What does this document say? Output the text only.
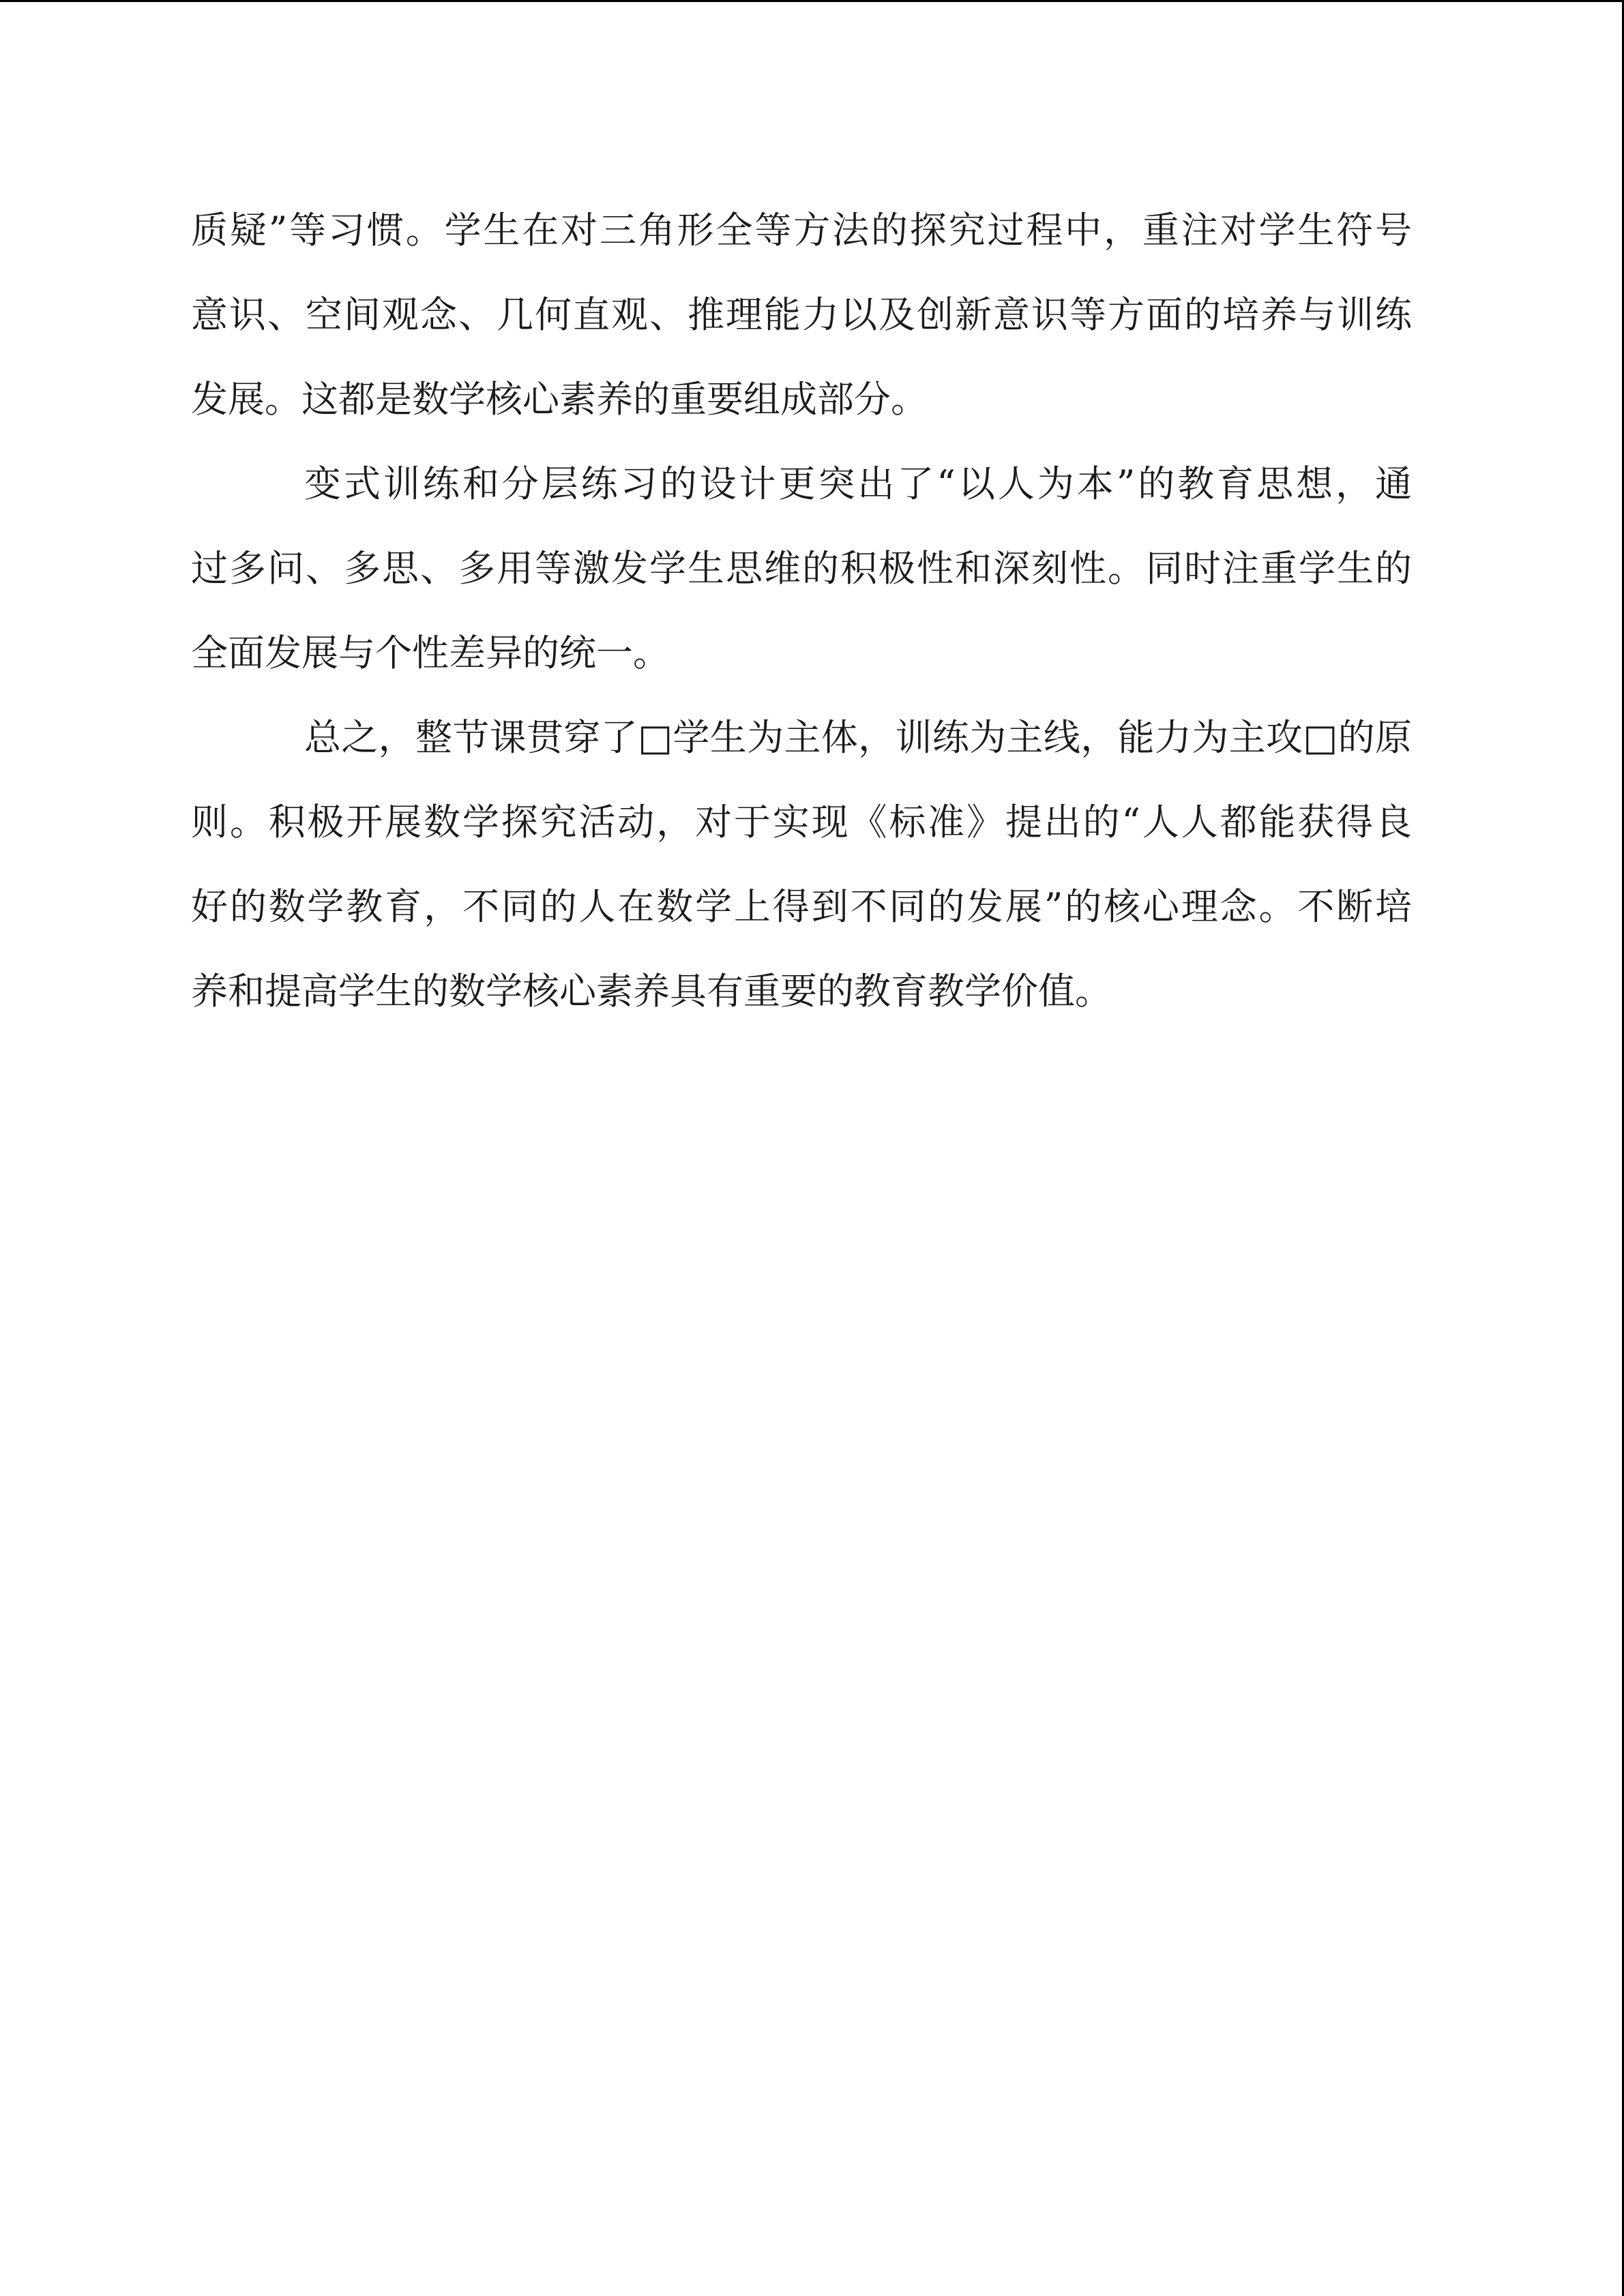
质疑”等习惯。学生在对三角形全等方法的探究过程中，重注对学生符号
意识、空间观念、几何直观、推理能力以及创新意识等方面的培养与训练
发展。这都是数学核心素养的重要组成部分。
变式训练和分层练习的设计更突出了“以人为本”的教育思想，通
过多问、多思、多用等激发学生思维的积极性和深刻性。同时注重学生的
全面发展与个性差异的统一。
总之，整节课贯穿了□学生为主体，训练为主线，能力为主攻□的原
则。积极开展数学探究活动，对于实现《标准》提出的“人人都能获得良
好的数学教育，不同的人在数学上得到不同的发展”的核心理念。不断培
养和提高学生的数学核心素养具有重要的教育教学价值。
